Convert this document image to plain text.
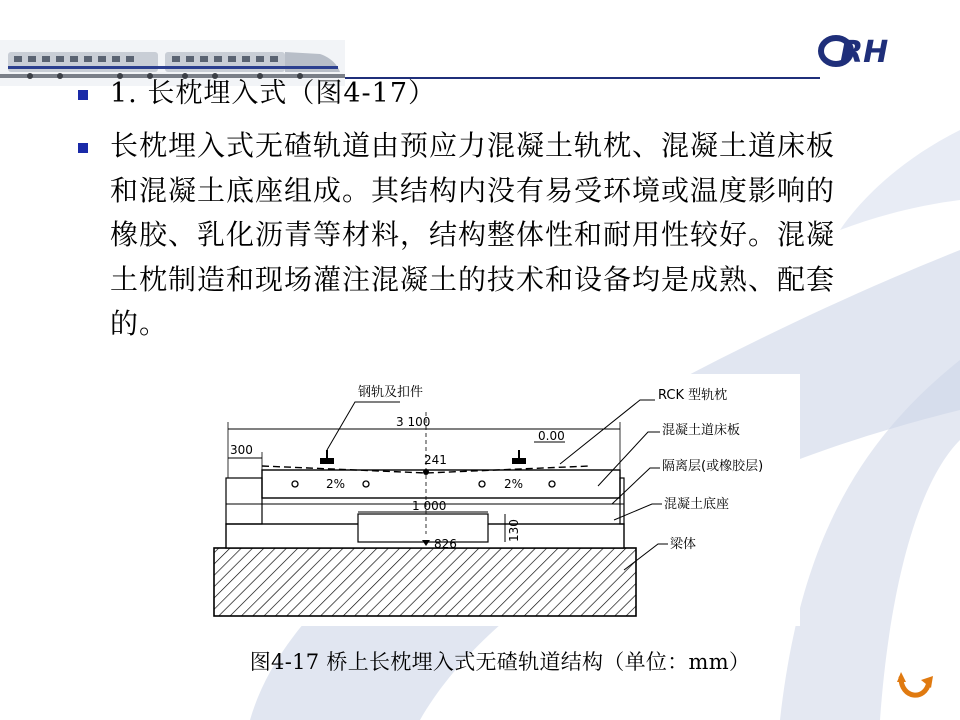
RH
1. 长枕埋入式（图4-17）
长枕埋入式无碴轨道由预应力混凝土轨枕、混凝土道床板和混凝土底座组成。其结构内没有易受环境或温度影响的橡胶、乳化沥青等材料，结构整体性和耐用性较好。混凝土枕制造和现场灌注混凝土的技术和设备均是成熟、配套的。
钢轨及扣件	RCK 型轨枕
混凝土道床板
隔离层(或橡胶层)
混凝土底座
梁体
3 100
300
0.00
241
2%	2%
1 000
130
826
图4-17 桥上长枕埋入式无碴轨道结构（单位：mm）
